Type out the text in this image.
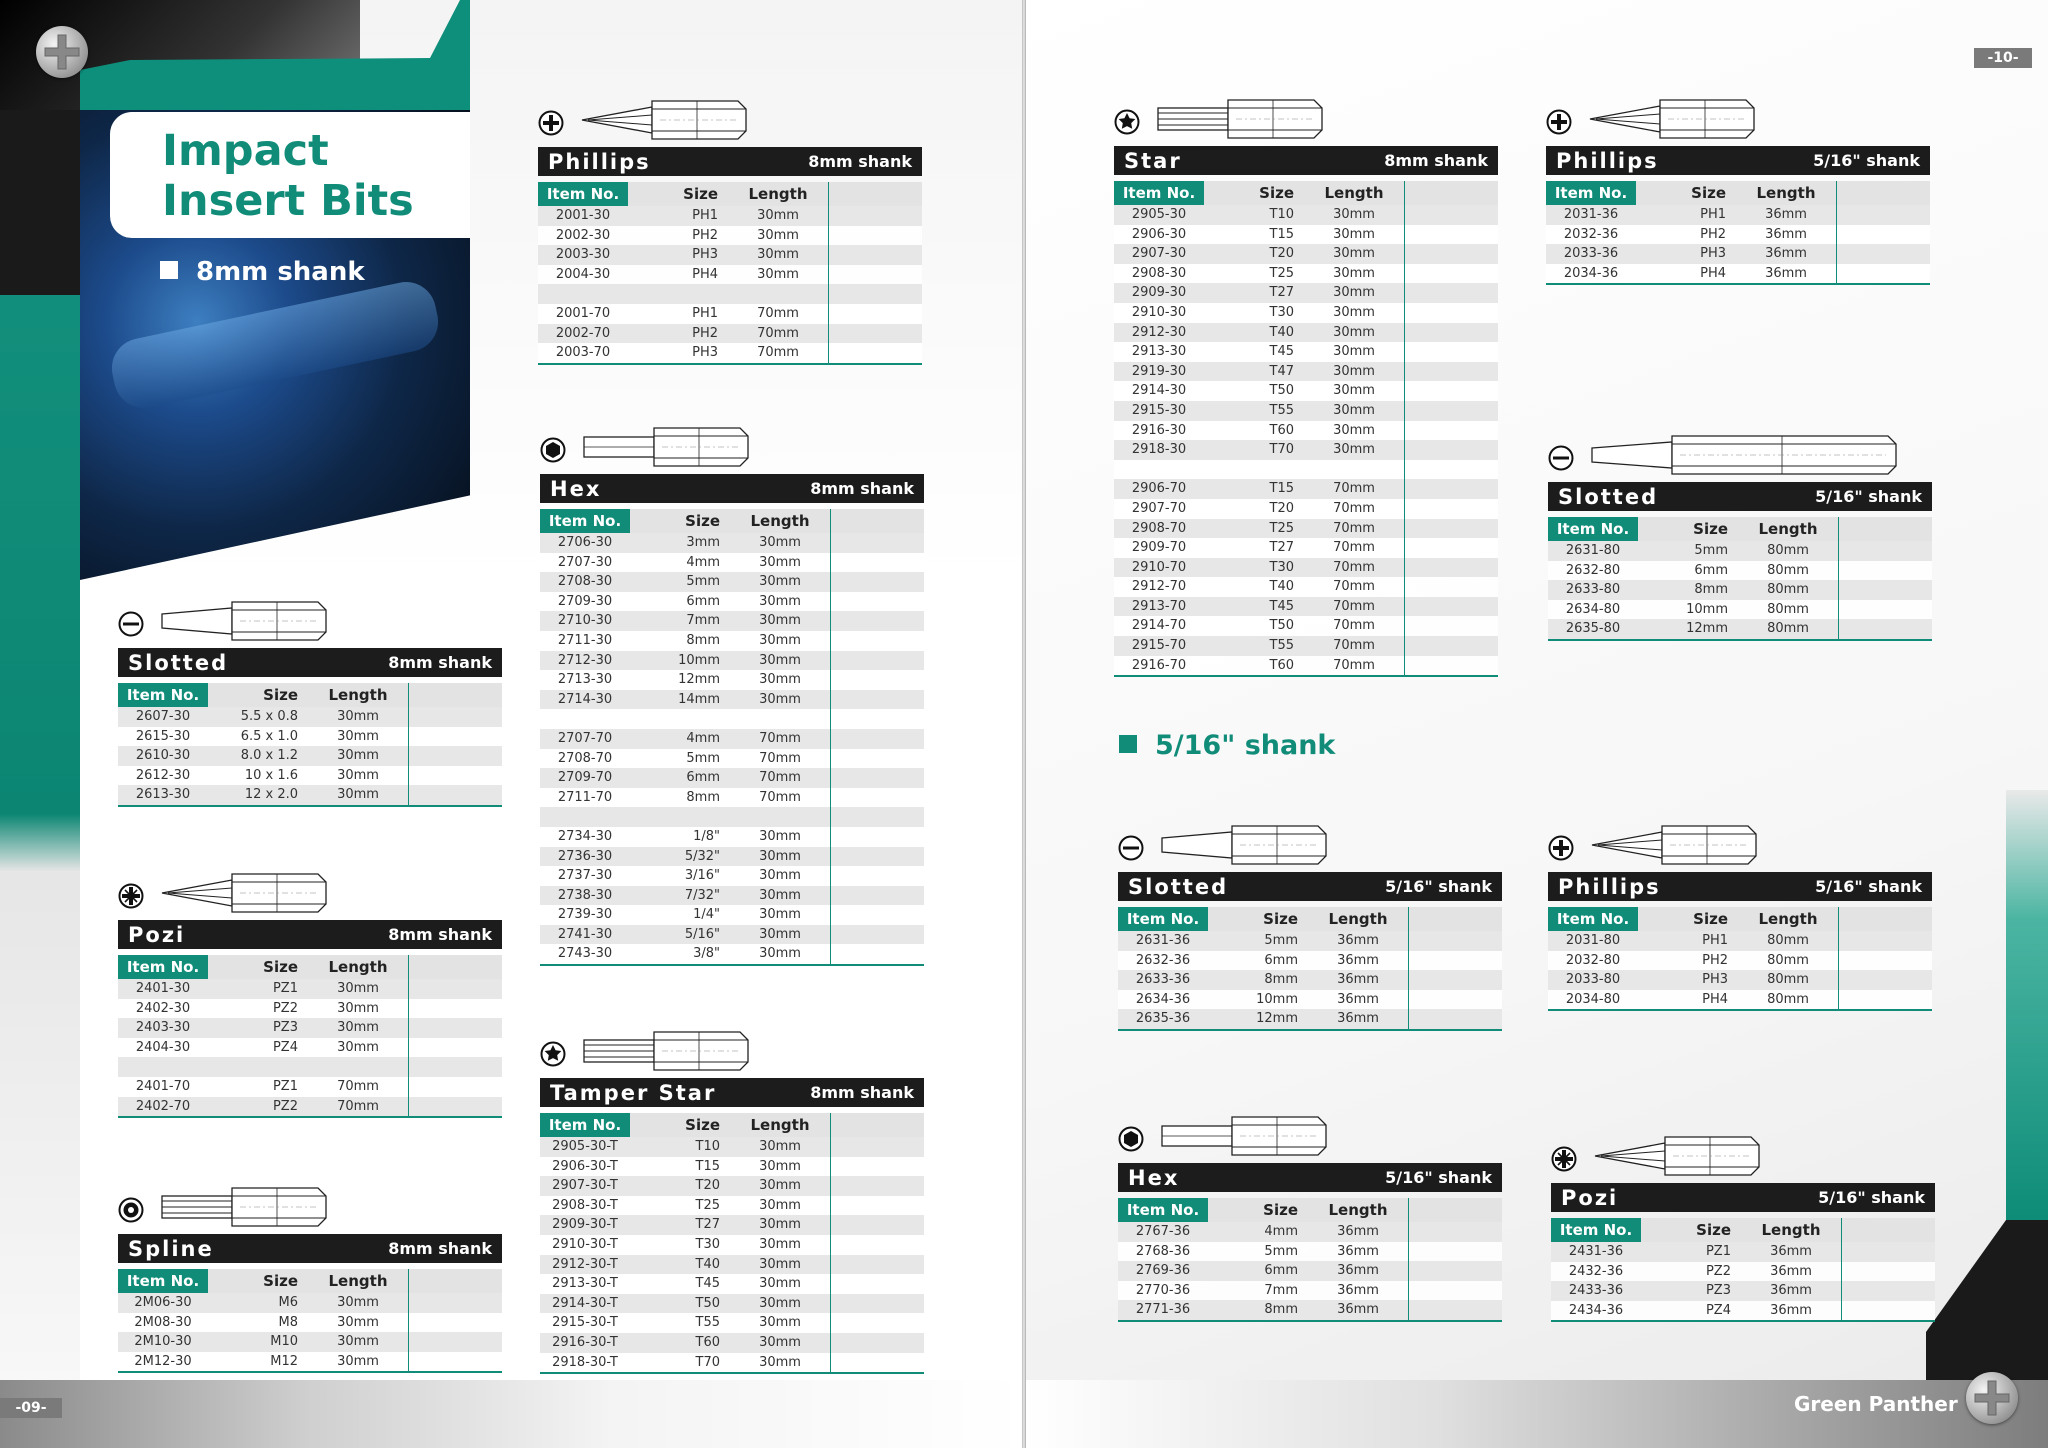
Impact
Insert Bits
8mm shank
-09-
Slotted	8mm shank
Item No.	Size	Length	
2607-30	5.5 x 0.8	30mm	
2615-30	6.5 x 1.0	30mm	
2610-30	8.0 x 1.2	30mm	
2612-30	10 x 1.6	30mm	
2613-30	12 x 2.0	30mm	
Pozi	8mm shank
Item No.	Size	Length	
2401-30	PZ1	30mm	
2402-30	PZ2	30mm	
2403-30	PZ3	30mm	
2404-30	PZ4	30mm	

2401-70	PZ1	70mm	
2402-70	PZ2	70mm	
Spline	8mm shank
Item No.	Size	Length	
2M06-30	M6	30mm	
2M08-30	M8	30mm	
2M10-30	M10	30mm	
2M12-30	M12	30mm	
Phillips	8mm shank
Item No.	Size	Length	
2001-30	PH1	30mm	
2002-30	PH2	30mm	
2003-30	PH3	30mm	
2004-30	PH4	30mm	

2001-70	PH1	70mm	
2002-70	PH2	70mm	
2003-70	PH3	70mm	
Hex	8mm shank
Item No.	Size	Length	
2706-30	3mm	30mm	
2707-30	4mm	30mm	
2708-30	5mm	30mm	
2709-30	6mm	30mm	
2710-30	7mm	30mm	
2711-30	8mm	30mm	
2712-30	10mm	30mm	
2713-30	12mm	30mm	
2714-30	14mm	30mm	

2707-70	4mm	70mm	
2708-70	5mm	70mm	
2709-70	6mm	70mm	
2711-70	8mm	70mm	

2734-30	1/8"	30mm	
2736-30	5/32"	30mm	
2737-30	3/16"	30mm	
2738-30	7/32"	30mm	
2739-30	1/4"	30mm	
2741-30	5/16"	30mm	
2743-30	3/8"	30mm	
Tamper Star	8mm shank
Item No.	Size	Length	
2905-30-T	T10	30mm	
2906-30-T	T15	30mm	
2907-30-T	T20	30mm	
2908-30-T	T25	30mm	
2909-30-T	T27	30mm	
2910-30-T	T30	30mm	
2912-30-T	T40	30mm	
2913-30-T	T45	30mm	
2914-30-T	T50	30mm	
2915-30-T	T55	30mm	
2916-30-T	T60	30mm	
2918-30-T	T70	30mm	
-10-
Green Panther
5/16" shank
Star	8mm shank
Item No.	Size	Length	
2905-30	T10	30mm	
2906-30	T15	30mm	
2907-30	T20	30mm	
2908-30	T25	30mm	
2909-30	T27	30mm	
2910-30	T30	30mm	
2912-30	T40	30mm	
2913-30	T45	30mm	
2919-30	T47	30mm	
2914-30	T50	30mm	
2915-30	T55	30mm	
2916-30	T60	30mm	
2918-30	T70	30mm	

2906-70	T15	70mm	
2907-70	T20	70mm	
2908-70	T25	70mm	
2909-70	T27	70mm	
2910-70	T30	70mm	
2912-70	T40	70mm	
2913-70	T45	70mm	
2914-70	T50	70mm	
2915-70	T55	70mm	
2916-70	T60	70mm	
Phillips	5/16" shank
Item No.	Size	Length	
2031-36	PH1	36mm	
2032-36	PH2	36mm	
2033-36	PH3	36mm	
2034-36	PH4	36mm	
Slotted	5/16" shank
Item No.	Size	Length	
2631-80	5mm	80mm	
2632-80	6mm	80mm	
2633-80	8mm	80mm	
2634-80	10mm	80mm	
2635-80	12mm	80mm	
Slotted	5/16" shank
Item No.	Size	Length	
2631-36	5mm	36mm	
2632-36	6mm	36mm	
2633-36	8mm	36mm	
2634-36	10mm	36mm	
2635-36	12mm	36mm	
Phillips	5/16" shank
Item No.	Size	Length	
2031-80	PH1	80mm	
2032-80	PH2	80mm	
2033-80	PH3	80mm	
2034-80	PH4	80mm	
Hex	5/16" shank
Item No.	Size	Length	
2767-36	4mm	36mm	
2768-36	5mm	36mm	
2769-36	6mm	36mm	
2770-36	7mm	36mm	
2771-36	8mm	36mm	
Pozi	5/16" shank
Item No.	Size	Length	
2431-36	PZ1	36mm	
2432-36	PZ2	36mm	
2433-36	PZ3	36mm	
2434-36	PZ4	36mm	
